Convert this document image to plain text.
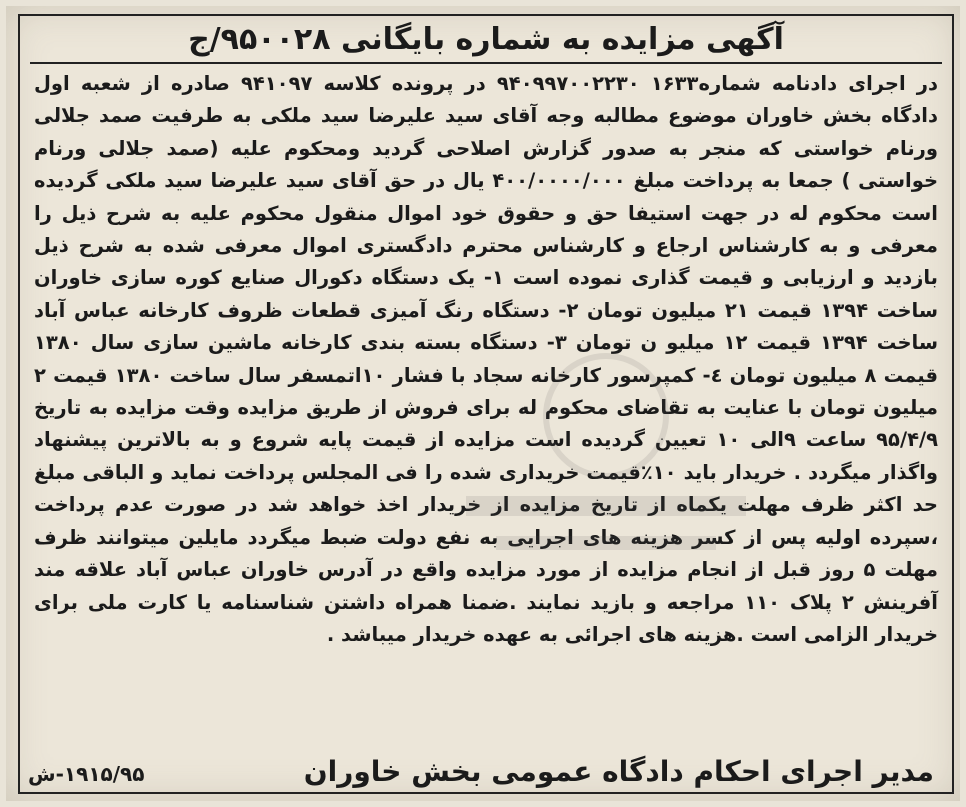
آگهی مزایده به شماره بایگانی ۹۵۰۰۲۸/ج

در اجرای دادنامه شماره۱۶۳۳ ۹۴۰۹۹۷۰۰۲۲۳۰ در پرونده کلاسه ۹۴۱۰۹۷ صادره از شعبه اول دادگاه بخش خاوران موضوع مطالبه وجه آقای سید علیرضا سید ملکی به طرفیت صمد جلالی ورنام خواستی که منجر به صدور گزارش اصلاحی گردید ومحکوم علیه (صمد جلالی ورنام خواستی ) جمعا به پرداخت مبلغ ۴۰۰/۰۰۰۰/۰۰۰ یال در حق آقای سید علیرضا سید ملکی گردیده است محکوم له در جهت استیفا حق و حقوق خود اموال منقول محکوم علیه به شرح ذیل را معرفی و به کارشناس ارجاع و کارشناس محترم دادگستری اموال معرفی شده به شرح ذیل بازدید و ارزیابی و قیمت گذاری نموده است ۱- یک دستگاه دکورال صنایع کوره سازی خاوران ساخت ۱۳۹۴ قیمت ۲۱ میلیون تومان ۲- دستگاه رنگ آمیزی قطعات ظروف کارخانه عباس آباد ساخت ۱۳۹۴ قیمت ۱۲ میلیو ن تومان ۳- دستگاه بسته بندی کارخانه ماشین سازی سال ۱۳۸۰ قیمت ۸ میلیون تومان ٤- کمپرسور کارخانه سجاد با فشار ۱۰اتمسفر سال ساخت ۱۳۸۰ قیمت ۲ میلیون تومان با عنایت به تقاضای محکوم له برای فروش از طریق مزایده وقت مزایده به تاریخ ۹۵/۴/۹ ساعت ۹الی ۱۰ تعیین گردیده است مزایده از قیمت پایه شروع و به بالاترین پیشنهاد واگذار میگردد . خریدار باید ۱۰٪قیمت خریداری شده را فی المجلس پرداخت نماید و الباقی مبلغ حد اکثر ظرف مهلت یکماه از تاریخ مزایده از خریدار اخذ خواهد شد در صورت عدم پرداخت ،سپرده اولیه پس از کسر هزینه های اجرایی به نفع دولت ضبط میگردد مایلین میتوانند ظرف مهلت ۵ روز قبل از انجام مزایده از مورد مزایده واقع در آدرس خاوران عباس آباد علاقه مند آفرینش ۲ پلاک ۱۱۰ مراجعه و بازید نمایند .ضمنا همراه داشتن شناسنامه یا کارت ملی برای خریدار الزامی است .هزینه های اجرائی به عهده خریدار میباشد .

۱۹۱۵/۹۵-ش	مدیر اجرای احکام دادگاه عمومی بخش خاوران
